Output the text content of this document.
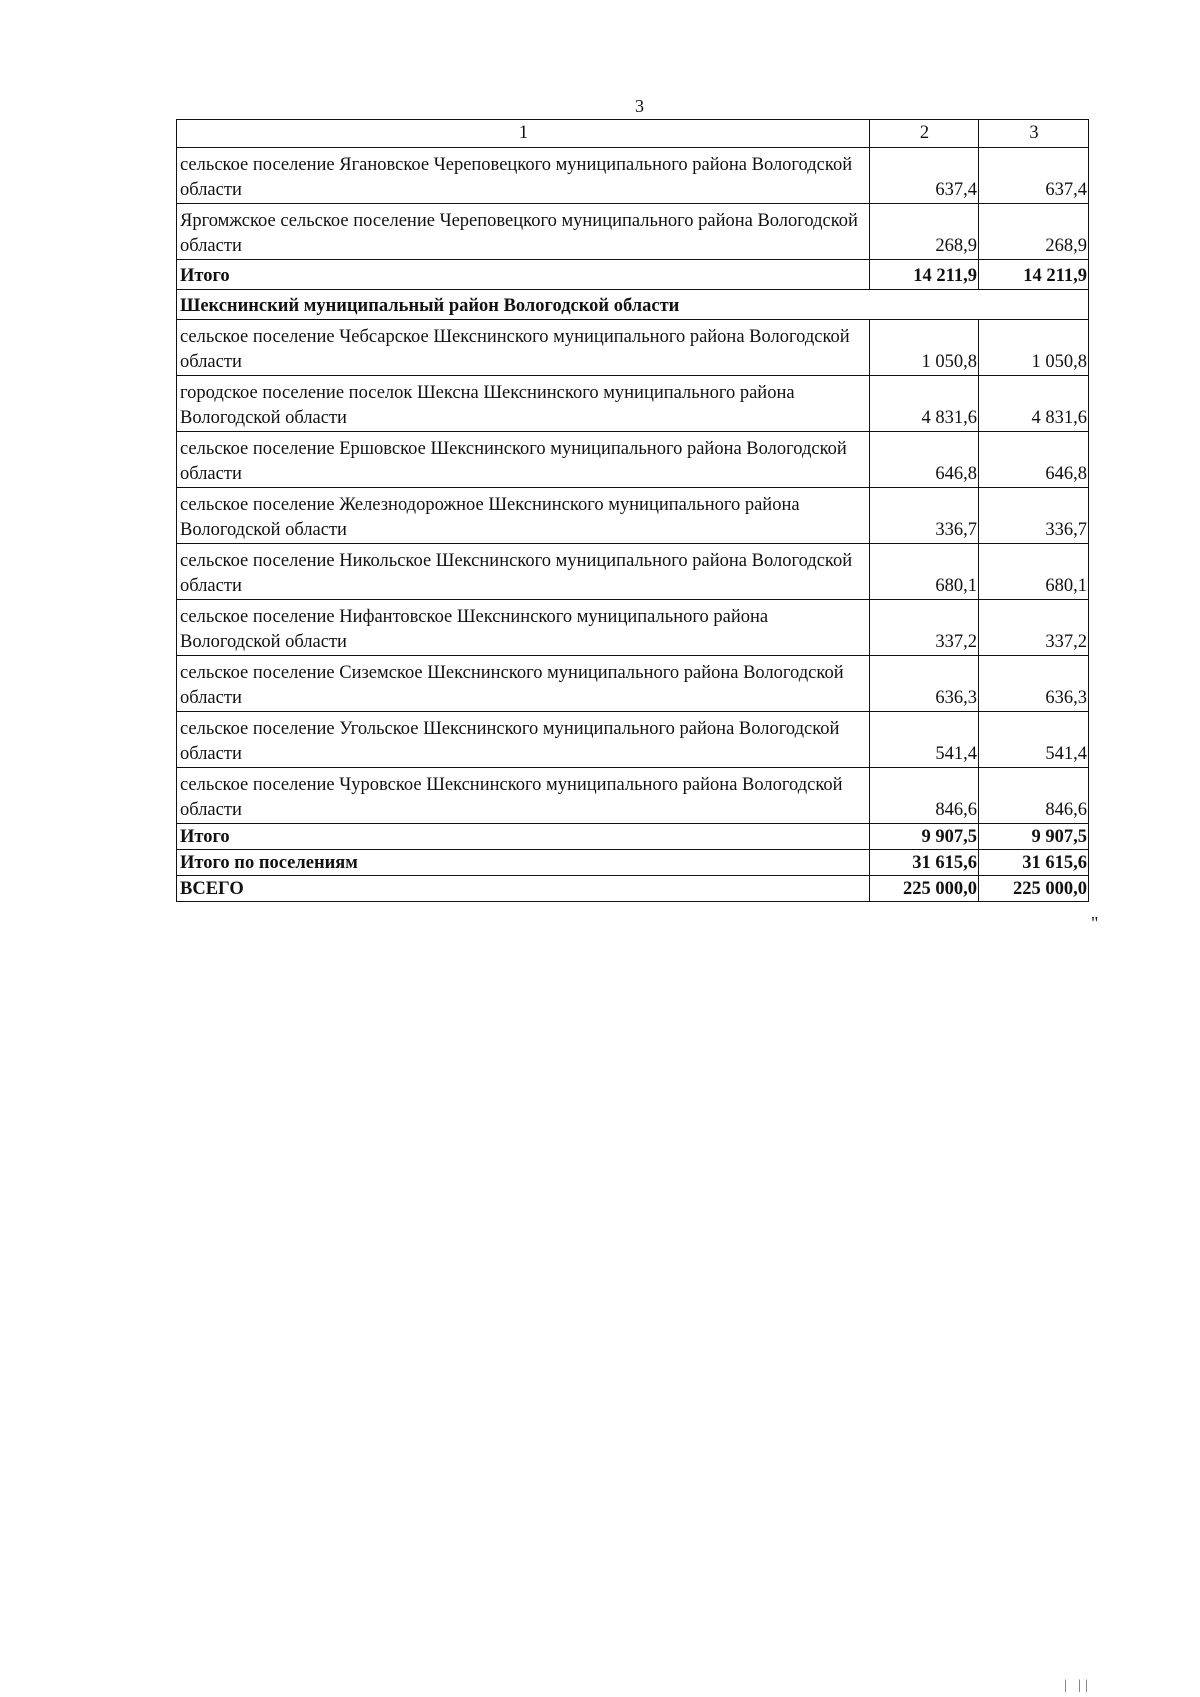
3
1	2	3
сельское поселение Ягановское Череповецкого муниципального района Вологодской области	637,4	637,4
Яргомжское сельское поселение Череповецкого муниципального района Вологодской области	268,9	268,9
Итого	14 211,9	14 211,9
Шекснинский муниципальный район Вологодской области		
сельское поселение Чебсарское Шекснинского муниципального района Вологодской области	1 050,8	1 050,8
городское поселение поселок Шексна Шекснинского муниципального района Вологодской области	4 831,6	4 831,6
сельское поселение Ершовское Шекснинского муниципального района Вологодской области	646,8	646,8
сельское поселение Железнодорожное Шекснинского муниципального района Вологодской области	336,7	336,7
сельское поселение Никольское Шекснинского муниципального района Вологодской области	680,1	680,1
сельское поселение Нифантовское Шекснинского муниципального района Вологодской области	337,2	337,2
сельское поселение Сиземское Шекснинского муниципального района Вологодской области	636,3	636,3
сельское поселение Угольское Шекснинского муниципального района Вологодской области	541,4	541,4
сельское поселение Чуровское Шекснинского муниципального района Вологодской области	846,6	846,6
Итого	9 907,5	9 907,5
Итого по поселениям	31 615,6	31 615,6
ВСЕГО	225 000,0	225 000,0
"
| ||
